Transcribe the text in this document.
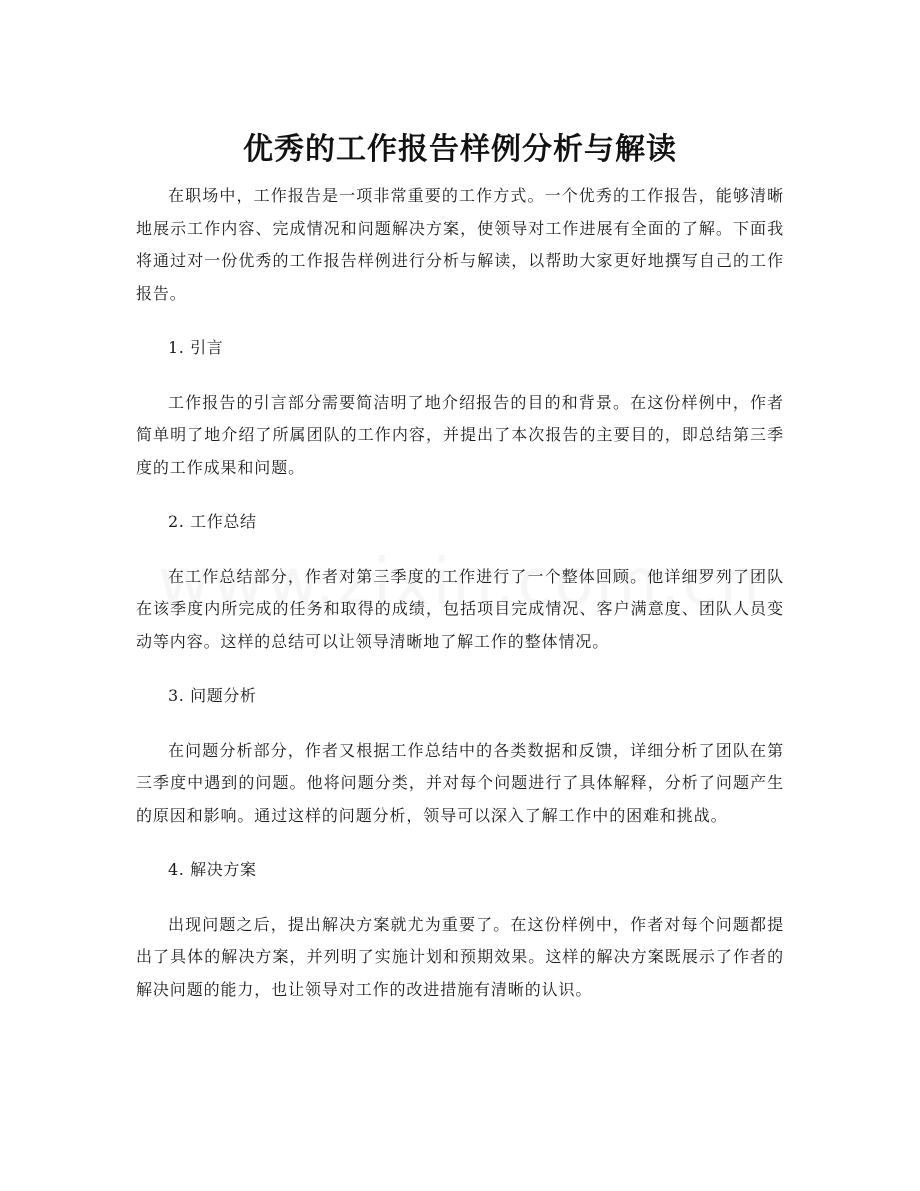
优秀的工作报告样例分析与解读

在职场中，工作报告是一项非常重要的工作方式。一个优秀的工作报告，能够清晰地展示工作内容、完成情况和问题解决方案，使领导对工作进展有全面的了解。下面我将通过对一份优秀的工作报告样例进行分析与解读，以帮助大家更好地撰写自己的工作报告。

1. 引言

工作报告的引言部分需要简洁明了地介绍报告的目的和背景。在这份样例中，作者简单明了地介绍了所属团队的工作内容，并提出了本次报告的主要目的，即总结第三季度的工作成果和问题。

2. 工作总结

在工作总结部分，作者对第三季度的工作进行了一个整体回顾。他详细罗列了团队在该季度内所完成的任务和取得的成绩，包括项目完成情况、客户满意度、团队人员变动等内容。这样的总结可以让领导清晰地了解工作的整体情况。

3. 问题分析

在问题分析部分，作者又根据工作总结中的各类数据和反馈，详细分析了团队在第三季度中遇到的问题。他将问题分类，并对每个问题进行了具体解释，分析了问题产生的原因和影响。通过这样的问题分析，领导可以深入了解工作中的困难和挑战。

4. 解决方案

出现问题之后，提出解决方案就尤为重要了。在这份样例中，作者对每个问题都提出了具体的解决方案，并列明了实施计划和预期效果。这样的解决方案既展示了作者的解决问题的能力，也让领导对工作的改进措施有清晰的认识。
